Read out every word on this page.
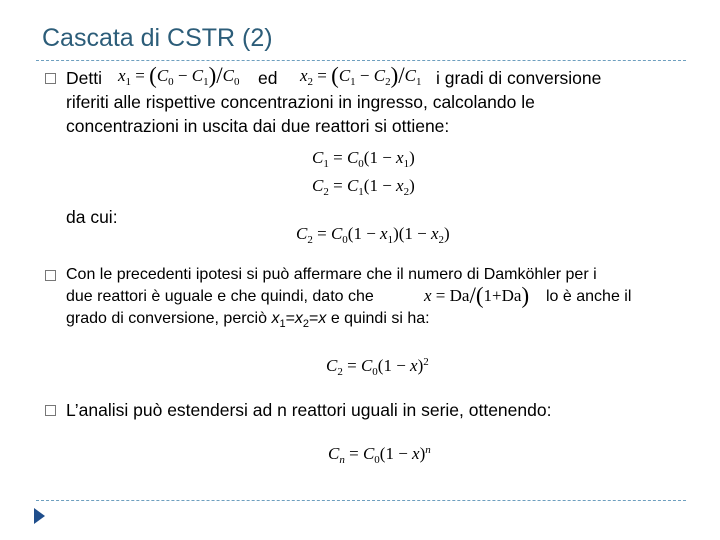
Cascata di CSTR (2)
Detti $x_1 = (C_0 - C_1)/C_0$ ed $x_2 = (C_1 - C_2)/C_1$ i gradi di conversione
riferiti alle rispettive concentrazioni in ingresso, calcolando le
concentrazioni in uscita dai due reattori si ottiene:
$C_1 = C_0(1 - x_1)$
$C_2 = C_1(1 - x_2)$
da cui:
$C_2 = C_0(1 - x_1)(1 - x_2)$
Con le precedenti ipotesi si può affermare che il numero di Damköhler per i
due reattori è uguale e che quindi, dato che	x = Da/(1+Da) lo è anche il
grado di conversione, perciò $x_1=x_2=x$ e quindi si ha:
$C_2 = C_0(1 - x)^2$
L’analisi può estendersi ad n reattori uguali in serie, ottenendo:
$C_n = C_0(1 - x)^n$
